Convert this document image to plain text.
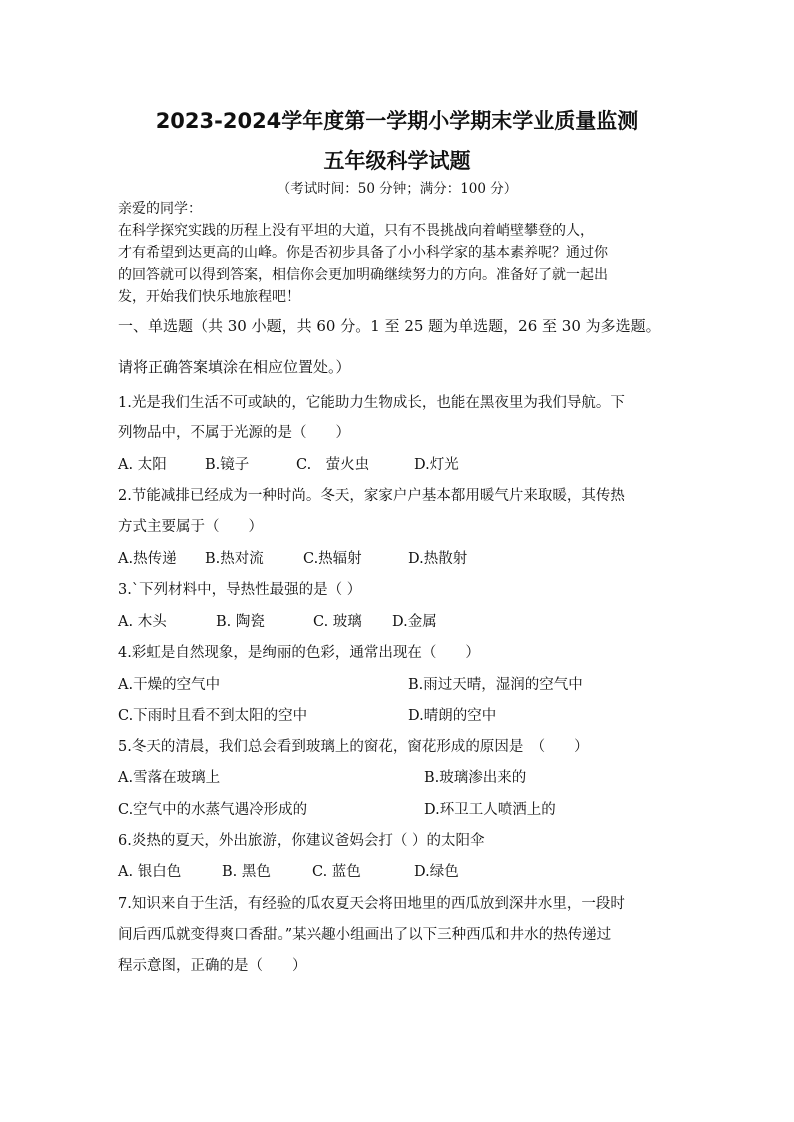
2023-2024学年度第一学期小学期末学业质量监测
五年级科学试题
（考试时间：50 分钟；满分：100 分）

亲爱的同学：

在科学探究实践的历程上没有平坦的大道，只有不畏挑战向着峭壁攀登的人，

才有希望到达更高的山峰。你是否初步具备了小小科学家的基本素养呢？通过你

的回答就可以得到答案，相信你会更加明确继续努力的方向。准备好了就一起出

发，开始我们快乐地旅程吧！

一、单选题（共 30 小题，共 60 分。1 至 25 题为单选题，26 至 30 为多选题。
请将正确答案填涂在相应位置处。）
1.光是我们生活不可或缺的，它能助力生物成长，也能在黑夜里为我们导航。下
列物品中，不属于光源的是（　　）
A. 太阳	B.镜子	C.　萤火虫	D.灯光
2.节能减排已经成为一种时尚。冬天，家家户户基本都用暖气片来取暖，其传热
方式主要属于（　　）
A.热传递 B.热对流	C.热辐射	D.热散射
3.`下列材料中，导热性最强的是（ ）
A. 木头	B. 陶瓷	C. 玻璃 D.金属
4.彩虹是自然现象，是绚丽的色彩，通常出现在（　　）
A.干燥的空气中	B.雨过天晴，湿润的空气中
C.下雨时且看不到太阳的空中	D.晴朗的空中
5.冬天的清晨，我们总会看到玻璃上的窗花，窗花形成的原因是　（　　）
A.雪落在玻璃上	B.玻璃渗出来的
C.空气中的水蒸气遇冷形成的	D.环卫工人喷洒上的
6.炎热的夏天，外出旅游，你建议爸妈会打（ ）的太阳伞
A. 银白色	B. 黑色	C. 蓝色	D.绿色
7.知识来自于生活，有经验的瓜农夏天会将田地里的西瓜放到深井水里，一段时
间后西瓜就变得爽口香甜。”某兴趣小组画出了以下三种西瓜和井水的热传递过
程示意图，正确的是（　　）
